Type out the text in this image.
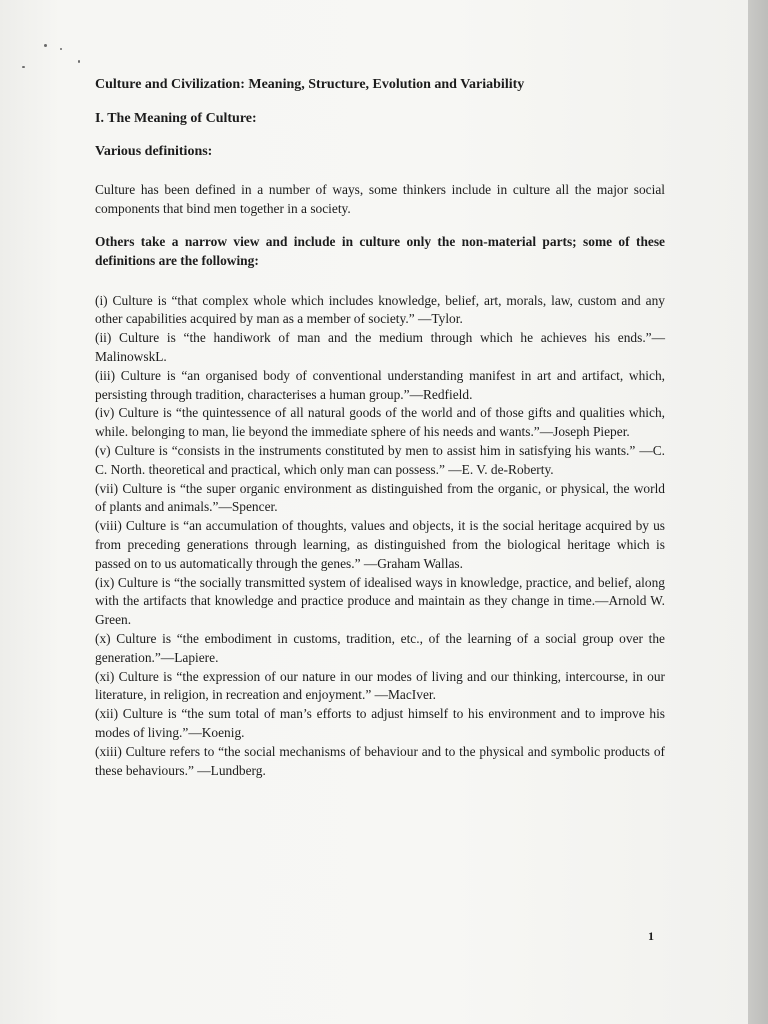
Culture and Civilization: Meaning, Structure, Evolution and Variability
I. The Meaning of Culture:
Various definitions:

Culture has been defined in a number of ways, some thinkers include in culture all the major social components that bind men together in a society.

Others take a narrow view and include in culture only the non-material parts; some of these definitions are the following:

(i) Culture is “that complex whole which includes knowledge, belief, art, morals, law, custom and any other capabilities acquired by man as a member of society.” —Tylor.

(ii) Culture is “the handiwork of man and the medium through which he achieves his ends.”—MalinowskL.

(iii) Culture is “an organised body of conventional understanding manifest in art and artifact, which, persisting through tradition, characterises a human group.”—Redfield.

(iv) Culture is “the quintessence of all natural goods of the world and of those gifts and qualities which, while. belonging to man, lie beyond the immediate sphere of his needs and wants.”—Joseph Pieper.

(v) Culture is “consists in the instruments constituted by men to assist him in satisfying his wants.” —C. C. North. theoretical and practical, which only man can possess.” —E. V. de-Roberty.

(vii) Culture is “the super organic environment as distinguished from the organic, or physical, the world of plants and animals.”—Spencer.

(viii) Culture is “an accumulation of thoughts, values and objects, it is the social heritage acquired by us from preceding generations through learning, as distinguished from the biological heritage which is passed on to us automatically through the genes.” —Graham Wallas.

(ix) Culture is “the socially transmitted system of idealised ways in knowledge, practice, and belief, along with the artifacts that knowledge and practice produce and maintain as they change in time.—Arnold W. Green.

(x) Culture is “the embodiment in customs, tradition, etc., of the learning of a social group over the generation.”—Lapiere.

(xi) Culture is “the expression of our nature in our modes of living and our thinking, intercourse, in our literature, in religion, in recreation and enjoyment.” —MacIver.

(xii) Culture is “the sum total of man’s efforts to adjust himself to his environment and to improve his modes of living.”—Koenig.

(xiii) Culture refers to “the social mechanisms of behaviour and to the physical and symbolic products of these behaviours.” —Lundberg.

1
